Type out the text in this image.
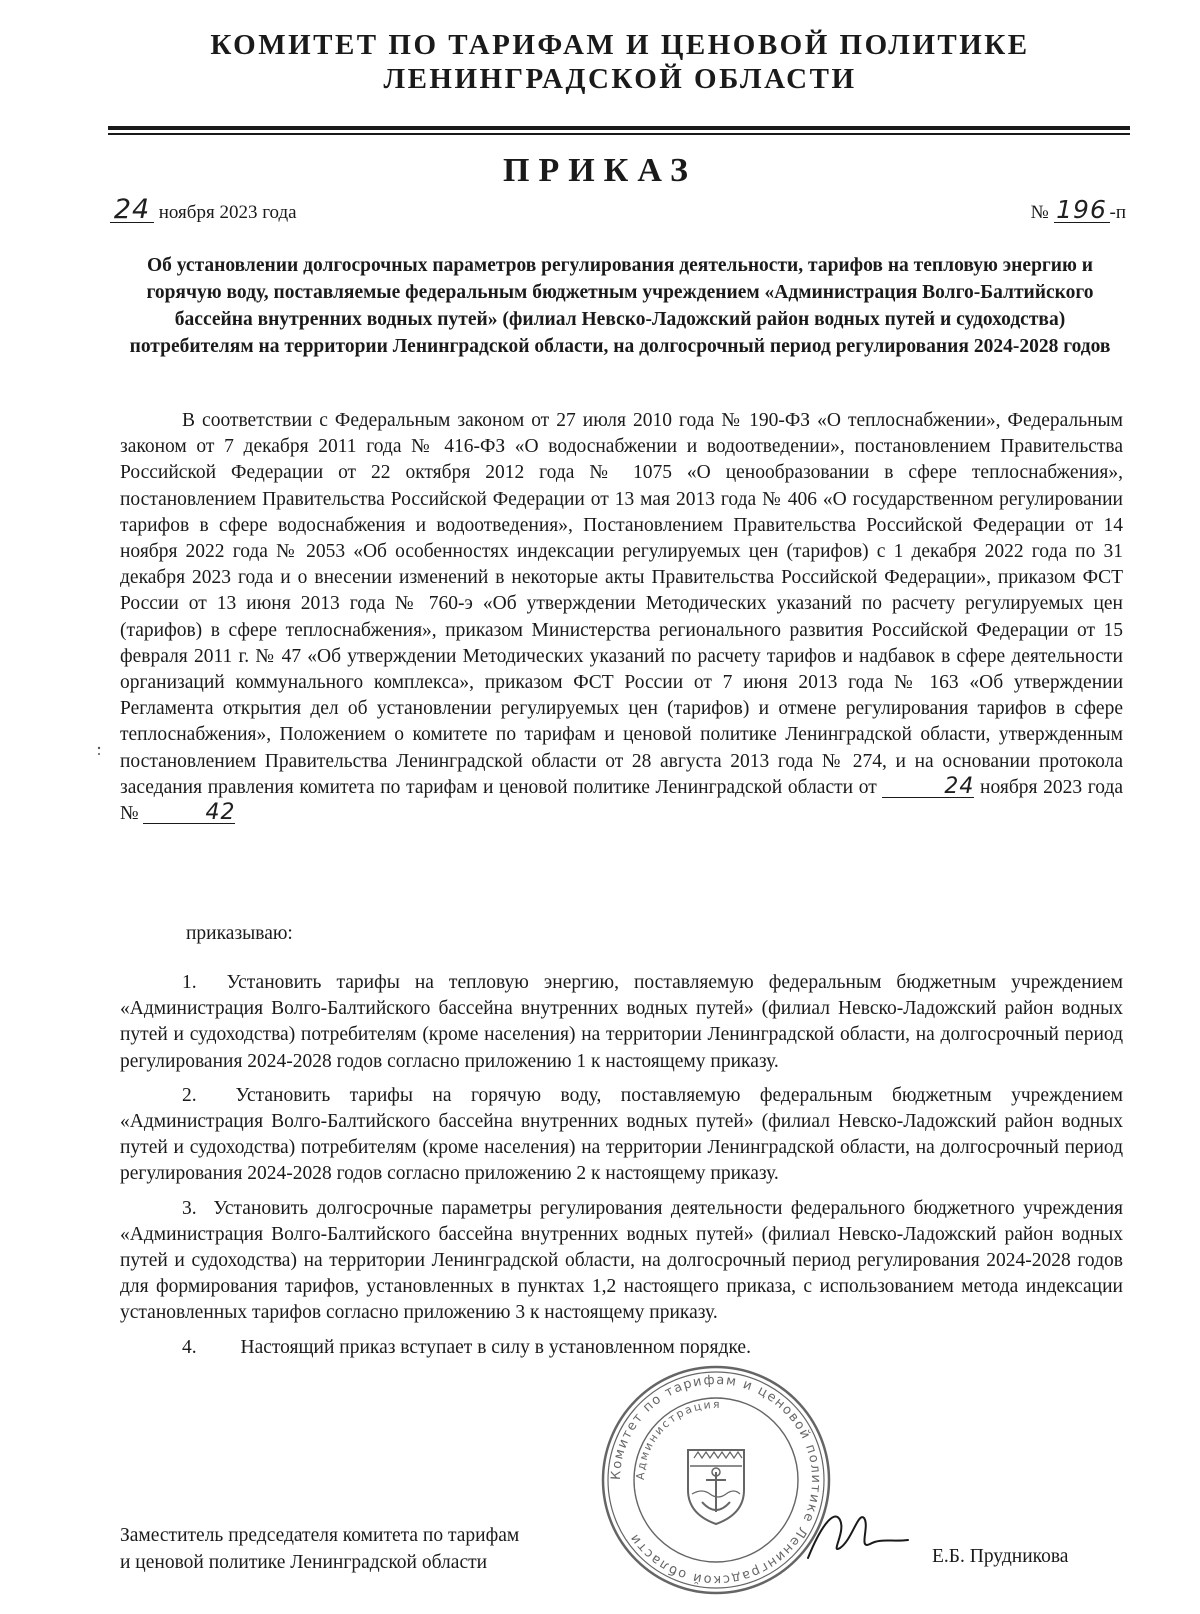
КОМИТЕТ ПО ТАРИФАМ И ЦЕНОВОЙ ПОЛИТИКЕ
ЛЕНИНГРАДСКОЙ ОБЛАСТИ
ПРИКАЗ
24 ноября 2023 года	№ 196 -п
Об установлении долгосрочных параметров регулирования деятельности, тарифов на тепловую энергию и горячую воду, поставляемые федеральным бюджетным учреждением «Администрация Волго-Балтийского бассейна внутренних водных путей» (филиал Невско-Ладожский район водных путей и судоходства) потребителям на территории Ленинградской области, на долгосрочный период регулирования 2024-2028 годов
В соответствии с Федеральным законом от 27 июля 2010 года № 190-ФЗ «О теплоснабжении», Федеральным законом от 7 декабря 2011 года № 416-ФЗ «О водоснабжении и водоотведении», постановлением Правительства Российской Федерации от 22 октября 2012 года № 1075 «О ценообразовании в сфере теплоснабжения», постановлением Правительства Российской Федерации от 13 мая 2013 года № 406 «О государственном регулировании тарифов в сфере водоснабжения и водоотведения», Постановлением Правительства Российской Федерации от 14 ноября 2022 года № 2053 «Об особенностях индексации регулируемых цен (тарифов) с 1 декабря 2022 года по 31 декабря 2023 года и о внесении изменений в некоторые акты Правительства Российской Федерации», приказом ФСТ России от 13 июня 2013 года № 760-э «Об утверждении Методических указаний по расчету регулируемых цен (тарифов) в сфере теплоснабжения», приказом Министерства регионального развития Российской Федерации от 15 февраля 2011 г. № 47 «Об утверждении Методических указаний по расчету тарифов и надбавок в сфере деятельности организаций коммунального комплекса», приказом ФСТ России от 7 июня 2013 года № 163 «Об утверждении Регламента открытия дел об установлении регулируемых цен (тарифов) и отмене регулирования тарифов в сфере теплоснабжения», Положением о комитете по тарифам и ценовой политике Ленинградской области, утвержденным постановлением Правительства Ленинградской области от 28 августа 2013 года № 274, и на основании протокола заседания правления комитета по тарифам и ценовой политике Ленинградской области от	24 ноября 2023 года №	42
приказываю:

1. Установить тарифы на тепловую энергию, поставляемую федеральным бюджетным учреждением «Администрация Волго-Балтийского бассейна внутренних водных путей» (филиал Невско-Ладожский район водных путей и судоходства) потребителям (кроме населения) на территории Ленинградской области, на долгосрочный период регулирования 2024-2028 годов согласно приложению 1 к настоящему приказу.

2. Установить тарифы на горячую воду, поставляемую федеральным бюджетным учреждением «Администрация Волго-Балтийского бассейна внутренних водных путей» (филиал Невско-Ладожский район водных путей и судоходства) потребителям (кроме населения) на территории Ленинградской области, на долгосрочный период регулирования 2024-2028 годов согласно приложению 2 к настоящему приказу.

3. Установить долгосрочные параметры регулирования деятельности федерального бюджетного учреждения «Администрация Волго-Балтийского бассейна внутренних водных путей» (филиал Невско-Ладожский район водных путей и судоходства) на территории Ленинградской области, на долгосрочный период регулирования 2024-2028 годов для формирования тарифов, установленных в пунктах 1,2 настоящего приказа, с использованием метода индексации установленных тарифов согласно приложению 3 к настоящему приказу.

4. Настоящий приказ вступает в силу в установленном порядке.

Заместитель председателя комитета по тарифам
и ценовой политике Ленинградской области	Е.Б. Прудникова
Комитет по тарифам и ценовой политике Ленинградской области
Администрация
